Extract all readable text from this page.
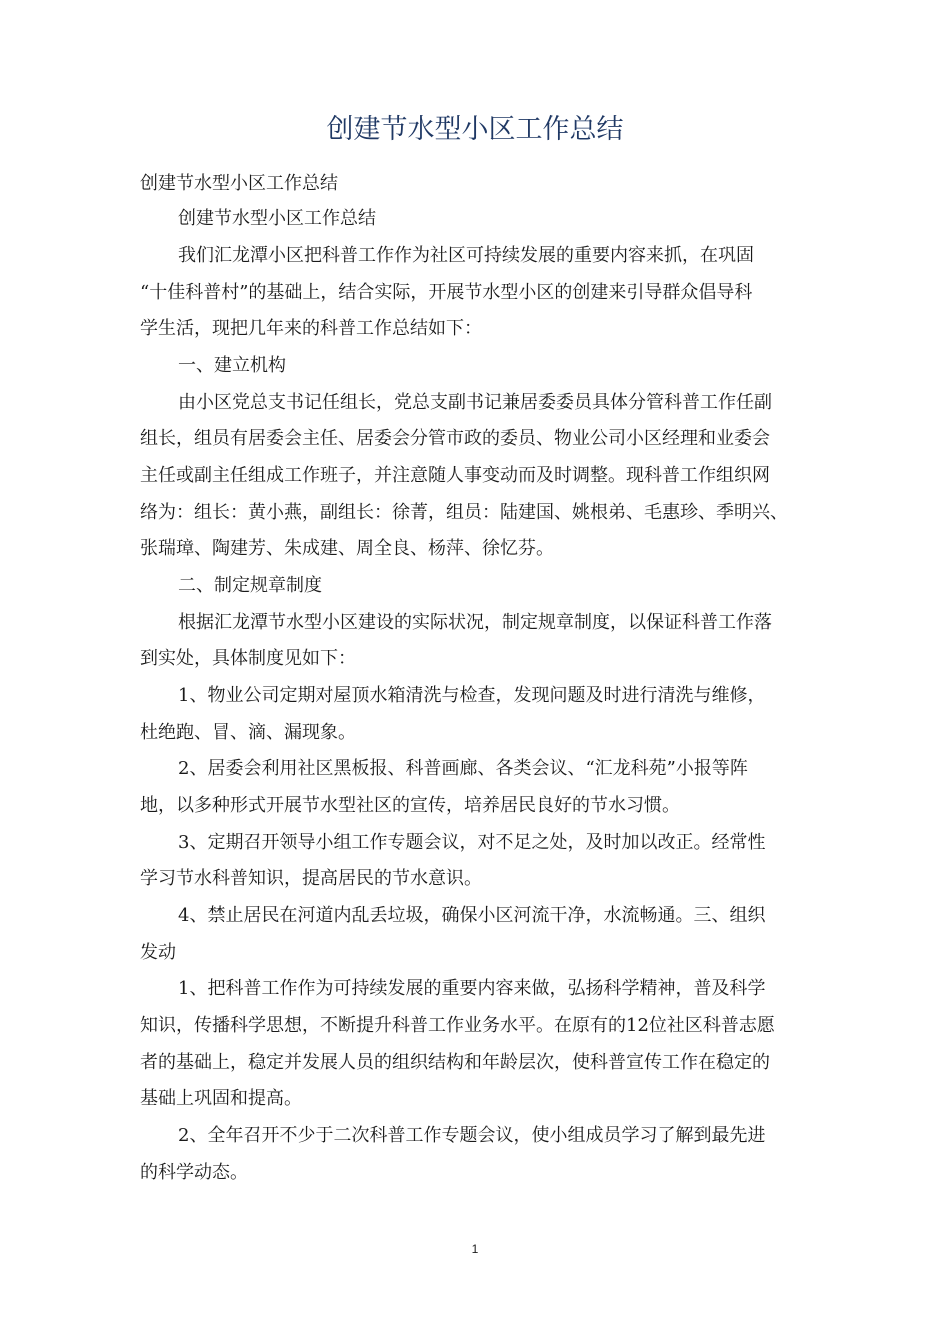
创建节水型小区工作总结

创建节水型小区工作总结

创建节水型小区工作总结

我们汇龙潭小区把科普工作作为社区可持续发展的重要内容来抓，在巩固

“十佳科普村”的基础上，结合实际，开展节水型小区的创建来引导群众倡导科

学生活，现把几年来的科普工作总结如下：

一、建立机构

由小区党总支书记任组长，党总支副书记兼居委委员具体分管科普工作任副

组长，组员有居委会主任、居委会分管市政的委员、物业公司小区经理和业委会

主任或副主任组成工作班子，并注意随人事变动而及时调整。现科普工作组织网

络为：组长：黄小燕，副组长：徐菁，组员：陆建国、姚根弟、毛惠珍、季明兴、

张瑞璋、陶建芳、朱成建、周全良、杨萍、徐忆芬。

二、制定规章制度

根据汇龙潭节水型小区建设的实际状况，制定规章制度，以保证科普工作落

到实处，具体制度见如下：

1、物业公司定期对屋顶水箱清洗与检查，发现问题及时进行清洗与维修，

杜绝跑、冒、滴、漏现象。

2、居委会利用社区黑板报、科普画廊、各类会议、“汇龙科苑”小报等阵

地，以多种形式开展节水型社区的宣传，培养居民良好的节水习惯。

3、定期召开领导小组工作专题会议，对不足之处，及时加以改正。经常性

学习节水科普知识，提高居民的节水意识。

4、禁止居民在河道内乱丢垃圾，确保小区河流干净，水流畅通。三、组织

发动

1、把科普工作作为可持续发展的重要内容来做，弘扬科学精神，普及科学

知识，传播科学思想，不断提升科普工作业务水平。在原有的12位社区科普志愿

者的基础上，稳定并发展人员的组织结构和年龄层次，使科普宣传工作在稳定的

基础上巩固和提高。

2、全年召开不少于二次科普工作专题会议，使小组成员学习了解到最先进

的科学动态。

1
